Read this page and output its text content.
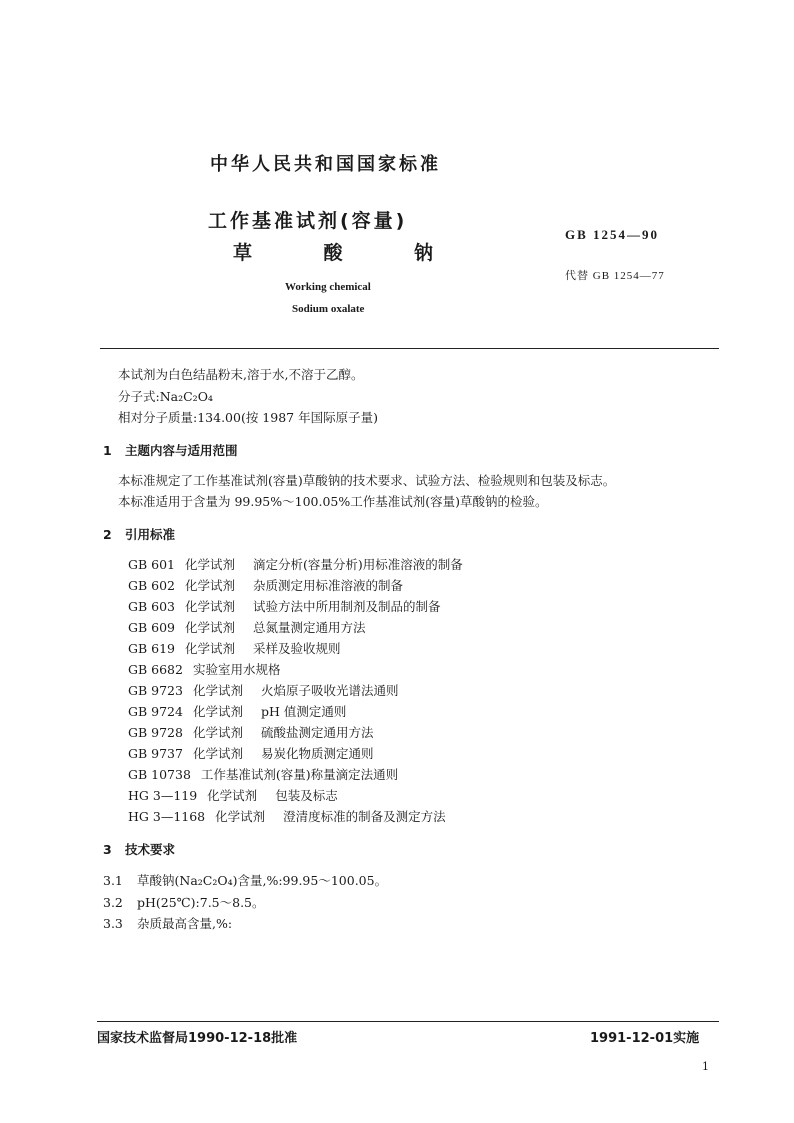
中华人民共和国国家标准
工作基准试剂(容量)
草	酸	钠
GB 1254—90
代替 GB 1254—77
Working chemical
Sodium oxalate
本试剂为白色结晶粉末,溶于水,不溶于乙醇。
分子式:Na₂C₂O₄
相对分子质量:134.00(按 1987 年国际原子量)
1 主题内容与适用范围
本标准规定了工作基准试剂(容量)草酸钠的技术要求、试验方法、检验规则和包装及标志。
本标准适用于含量为 99.95%～100.05%工作基准试剂(容量)草酸钠的检验。
2 引用标准
GB 601 化学试剂 滴定分析(容量分析)用标准溶液的制备
GB 602 化学试剂 杂质测定用标准溶液的制备
GB 603 化学试剂 试验方法中所用制剂及制品的制备
GB 609 化学试剂 总氮量测定通用方法
GB 619 化学试剂 采样及验收规则
GB 6682 实验室用水规格
GB 9723 化学试剂 火焰原子吸收光谱法通则
GB 9724 化学试剂 pH 值测定通则
GB 9728 化学试剂 硫酸盐测定通用方法
GB 9737 化学试剂 易炭化物质测定通则
GB 10738 工作基准试剂(容量)称量滴定法通则
HG 3—119 化学试剂 包装及标志
HG 3—1168 化学试剂 澄清度标准的制备及测定方法
3 技术要求
3.1 草酸钠(Na₂C₂O₄)含量,%:99.95～100.05。
3.2 pH(25℃):7.5～8.5。
3.3 杂质最高含量,%:
国家技术监督局1990-12-18批准	1991-12-01实施
1
